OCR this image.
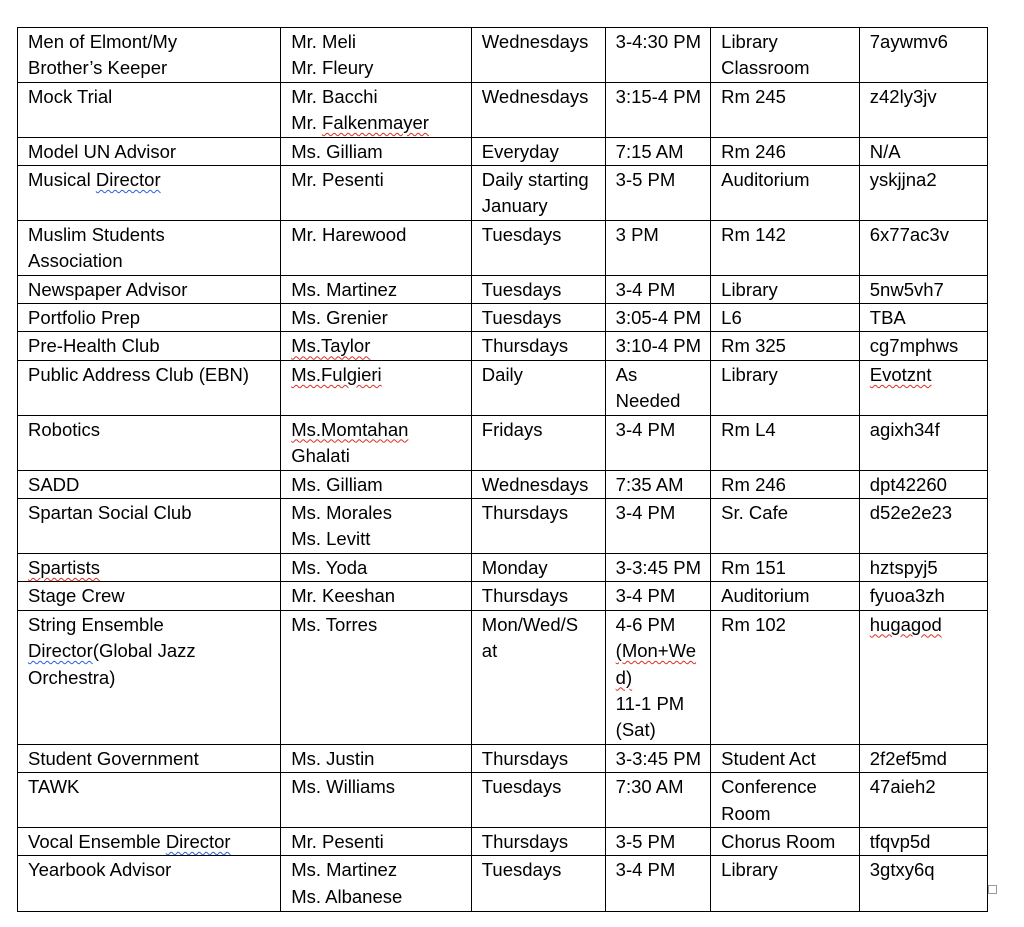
Men of Elmont/My
Brother’s Keeper	Mr. Meli
Mr. Fleury	Wednesdays	3-4:30 PM	Library
Classroom	7aywmv6

Mock Trial	Mr. Bacchi
Mr. Falkenmayer	Wednesdays	3:15-4 PM	Rm 245	z42ly3jv

Model UN Advisor	Ms. Gilliam	Everyday	7:15 AM	Rm 246	N/A

Musical Director	Mr. Pesenti	Daily starting
January	3-5 PM	Auditorium	yskjjna2

Muslim Students
Association	Mr. Harewood	Tuesdays	3 PM	Rm 142	6x77ac3v

Newspaper Advisor	Ms. Martinez	Tuesdays	3-4 PM	Library	5nw5vh7

Portfolio Prep	Ms. Grenier	Tuesdays	3:05-4 PM	L6	TBA

Pre-Health Club	Ms.Taylor	Thursdays	3:10-4 PM	Rm 325	cg7mphws

Public Address Club (EBN)	Ms.Fulgieri	Daily	As
Needed	Library	Evotznt

Robotics	Ms.Momtahan
Ghalati	Fridays	3-4 PM	Rm L4	agixh34f

SADD	Ms. Gilliam	Wednesdays	7:35 AM	Rm 246	dpt42260

Spartan Social Club	Ms. Morales
Ms. Levitt	Thursdays	3-4 PM	Sr. Cafe	d52e2e23

Spartists	Ms. Yoda	Monday	3-3:45 PM	Rm 151	hztspyj5

Stage Crew	Mr. Keeshan	Thursdays	3-4 PM	Auditorium	fyuoa3zh

String Ensemble
Director(Global Jazz
Orchestra)	Ms. Torres	Mon/Wed/S
at	4-6 PM
(Mon+We
d)
11-1 PM
(Sat)	Rm 102	hugagod

Student Government	Ms. Justin	Thursdays	3-3:45 PM	Student Act	2f2ef5md

TAWK	Ms. Williams	Tuesdays	7:30 AM	Conference
Room	47aieh2

Vocal Ensemble Director	Mr. Pesenti	Thursdays	3-5 PM	Chorus Room	tfqvp5d

Yearbook Advisor	Ms. Martinez
Ms. Albanese	Tuesdays	3-4 PM	Library	3gtxy6q
